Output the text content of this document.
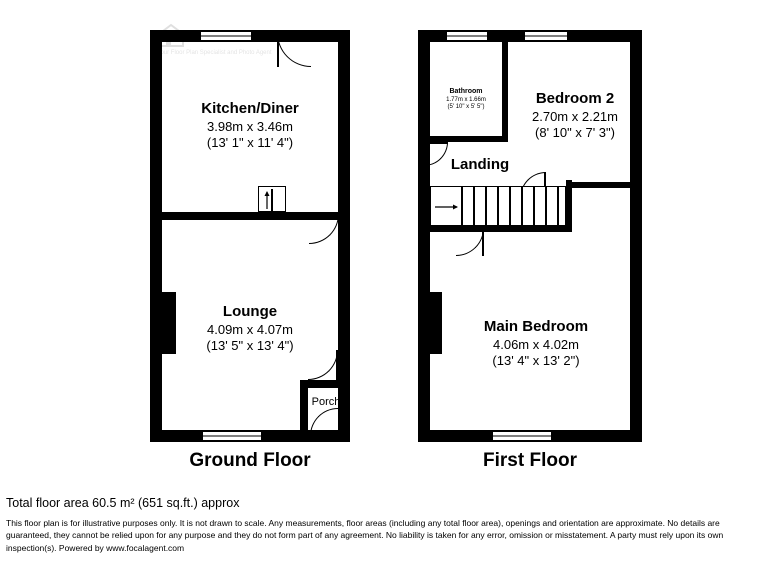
Your Floor Plan Specialist and Photo Agent
Kitchen/Diner
3.98m x 3.46m
(13' 1" x 11' 4")
Lounge
4.09m x 4.07m
(13' 5" x 13' 4")
Porch
Ground Floor
Bathroom
1.77m x 1.66m
(5' 10" x 5' 5")
Bedroom 2
2.70m x 2.21m
(8' 10" x 7' 3")
Landing
Main Bedroom
4.06m x 4.02m
(13' 4" x 13' 2")
First Floor
Total floor area 60.5 m² (651 sq.ft.) approx
This floor plan is for illustrative purposes only. It is not drawn to scale. Any measurements, floor areas (including any total floor area), openings and orientation are approximate. No details are guaranteed, they cannot be relied upon for any purpose and they do not form part of any agreement. No liability is taken for any error, omission or misstatement. A party must rely upon its own inspection(s). Powered by www.focalagent.com
